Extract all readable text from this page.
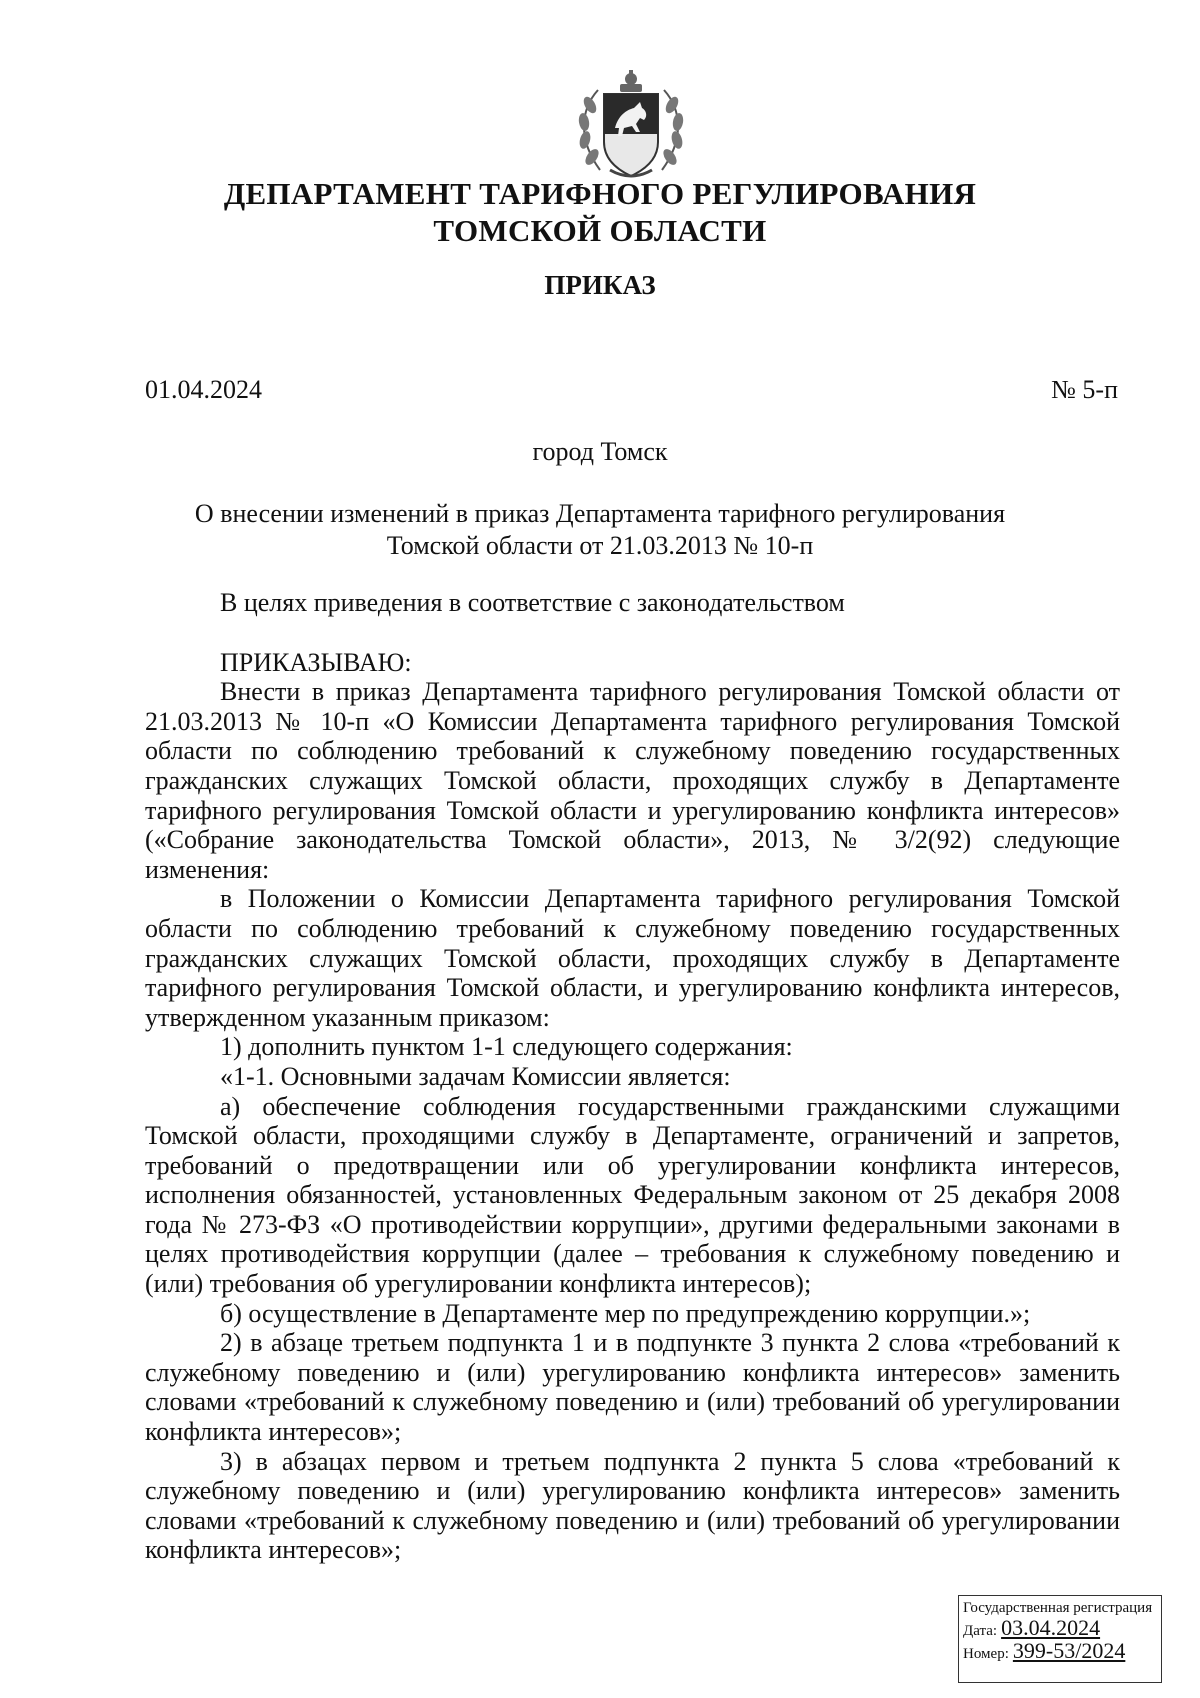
ДЕПАРТАМЕНТ ТАРИФНОГО РЕГУЛИРОВАНИЯ
ТОМСКОЙ ОБЛАСТИ
ПРИКАЗ
01.04.2024	№ 5-п
город Томск
О внесении изменений в приказ Департамента тарифного регулирования
Томской области от 21.03.2013 № 10-п

В целях приведения в соответствие с законодательством

ПРИКАЗЫВАЮ:

Внести в приказ Департамента тарифного регулирования Томской области от 21.03.2013 № 10-п «О Комиссии Департамента тарифного регулирования Томской области по соблюдению требований к служебному поведению государственных гражданских служащих Томской области, проходящих службу в Департаменте тарифного регулирования Томской области и урегулированию конфликта интересов» («Собрание законодательства Томской области», 2013, № 3/2(92) следующие изменения:

в Положении о Комиссии Департамента тарифного регулирования Томской области по соблюдению требований к служебному поведению государственных гражданских служащих Томской области, проходящих службу в Департаменте тарифного регулирования Томской области, и урегулированию конфликта интересов, утвержденном указанным приказом:

1) дополнить пунктом 1-1 следующего содержания:

«1-1. Основными задачам Комиссии является:

а) обеспечение соблюдения государственными гражданскими служащими Томской области, проходящими службу в Департаменте, ограничений и запретов, требований о предотвращении или об урегулировании конфликта интересов, исполнения обязанностей, установленных Федеральным законом от 25 декабря 2008 года № 273-ФЗ «О противодействии коррупции», другими федеральными законами в целях противодействия коррупции (далее – требования к служебному поведению и (или) требования об урегулировании конфликта интересов);

б) осуществление в Департаменте мер по предупреждению коррупции.»;

2) в абзаце третьем подпункта 1 и в подпункте 3 пункта 2 слова «требований к служебному поведению и (или) урегулированию конфликта интересов» заменить словами «требований к служебному поведению и (или) требований об урегулировании конфликта интересов»;

3) в абзацах первом и третьем подпункта 2 пункта 5 слова «требований к служебному поведению и (или) урегулированию конфликта интересов» заменить словами «требований к служебному поведению и (или) требований об урегулировании конфликта интересов»;

Государственная регистрация
Дата: 03.04.2024
Номер: 399-53/2024
